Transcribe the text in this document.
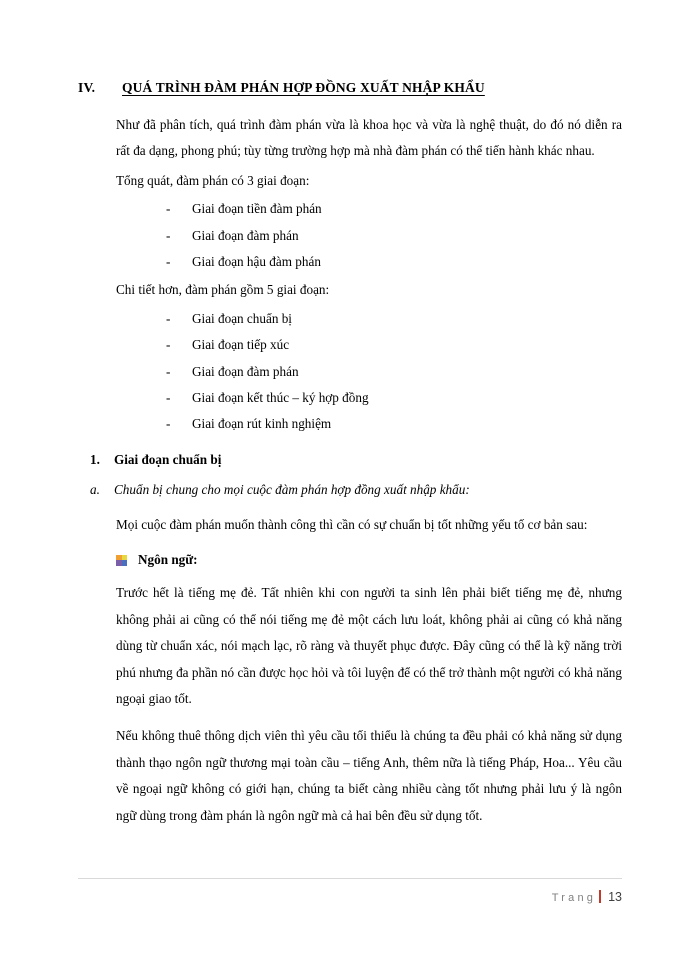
IV.	QUÁ TRÌNH ĐÀM PHÁN HỢP ĐỒNG XUẤT NHẬP KHẨU

Như đã phân tích, quá trình đàm phán vừa là khoa học và vừa là nghệ thuật, do đó nó diễn ra rất đa dạng, phong phú; tùy từng trường hợp mà nhà đàm phán có thể tiến hành khác nhau.

Tổng quát, đàm phán có 3 giai đoạn:

-	Giai đoạn tiền đàm phán
-	Giai đoạn đàm phán
-	Giai đoạn hậu đàm phán

Chi tiết hơn, đàm phán gồm 5 giai đoạn:

-	Giai đoạn chuẩn bị
-	Giai đoạn tiếp xúc
-	Giai đoạn đàm phán
-	Giai đoạn kết thúc – ký hợp đồng
-	Giai đoạn rút kinh nghiệm
1.	Giai đoạn chuẩn bị
a.	Chuẩn bị chung cho mọi cuộc đàm phán hợp đồng xuất nhập khẩu:

Mọi cuộc đàm phán muốn thành công thì cần có sự chuẩn bị tốt những yếu tố cơ bản sau:

Ngôn ngữ:

Trước hết là tiếng mẹ đẻ. Tất nhiên khi con người ta sinh lên phải biết tiếng mẹ đẻ, nhưng không phải ai cũng có thể nói tiếng mẹ đẻ một cách lưu loát, không phải ai cũng có khả năng dùng từ chuẩn xác, nói mạch lạc, rõ ràng và thuyết phục được. Đây cũng có thể là kỹ năng trời phú nhưng đa phần nó cần được học hỏi và tôi luyện để có thể trở thành một người có khả năng ngoại giao tốt.

Nếu không thuê thông dịch viên thì yêu cầu tối thiểu là chúng ta đều phải có khả năng sử dụng thành thạo ngôn ngữ thương mại toàn cầu – tiếng Anh, thêm nữa là tiếng Pháp, Hoa... Yêu cầu về ngoại ngữ không có giới hạn, chúng ta biết càng nhiều càng tốt nhưng phải lưu ý là ngôn ngữ dùng trong đàm phán là ngôn ngữ mà cả hai bên đều sử dụng tốt.

Trang 13
